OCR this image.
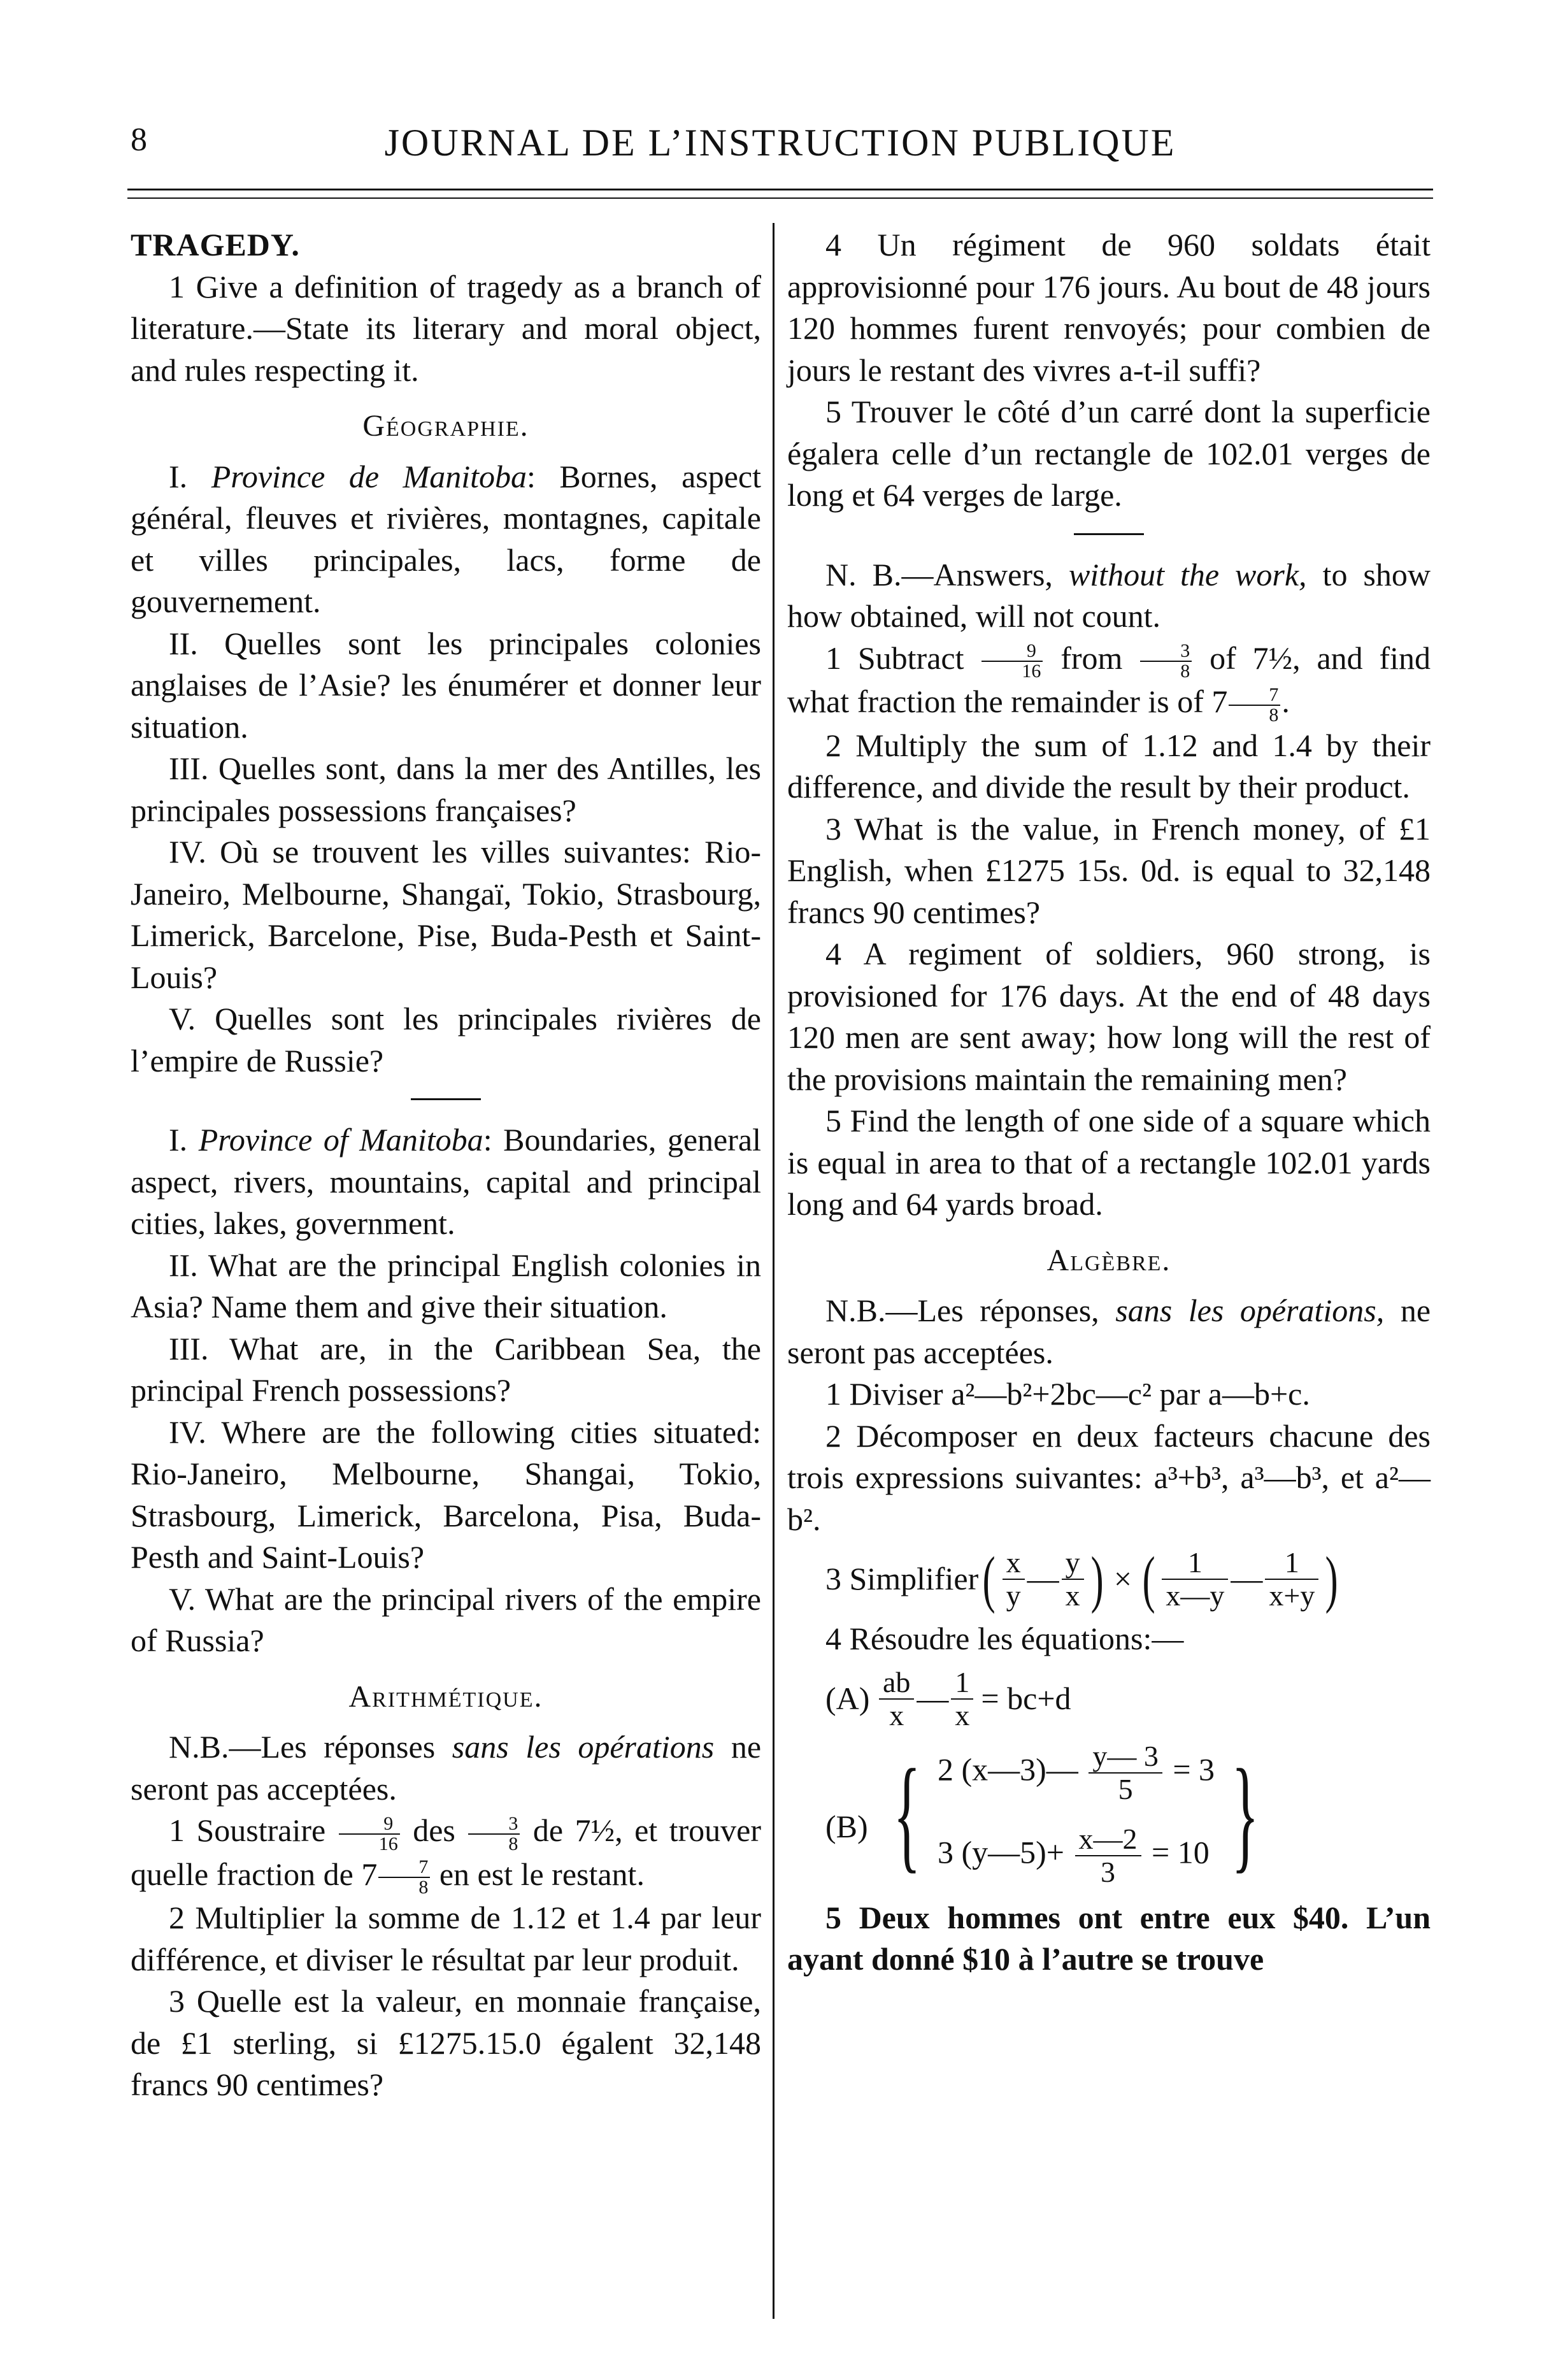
8	JOURNAL DE L’INSTRUCTION PUBLIQUE

TRAGEDY.

1 Give a definition of tragedy as a branch of literature.—State its literary and moral object, and rules respecting it.

Géographie.

I. Province de Manitoba: Bornes, aspect général, fleuves et rivières, montagnes, capitale et villes principales, lacs, forme de gouvernement.

II. Quelles sont les principales colonies anglaises de l’Asie? les énumérer et donner leur situation.

III. Quelles sont, dans la mer des Antilles, les principales possessions françaises?

IV. Où se trouvent les villes suivantes: Rio-Janeiro, Melbourne, Shangaï, Tokio, Strasbourg, Limerick, Barcelone, Pise, Buda-Pesth et Saint-Louis?

V. Quelles sont les principales rivières de l’empire de Russie?

I. Province of Manitoba: Boundaries, general aspect, rivers, mountains, capital and principal cities, lakes, government.

II. What are the principal English colonies in Asia? Name them and give their situation.

III. What are, in the Caribbean Sea, the principal French possessions?

IV. Where are the following cities situated: Rio-Janeiro, Melbourne, Shangai, Tokio, Strasbourg, Limerick, Barcelona, Pisa, Buda-Pesth and Saint-Louis?

V. What are the principal rivers of the empire of Russia?

Arithmétique.

N.B.—Les réponses sans les opérations ne seront pas acceptées.

1 Soustraire $\frac{9}{16}$ des $\frac{3}{8}$ de 7½, et trouver quelle fraction de $7 \frac{7}{8}$ en est le restant.

2 Multiplier la somme de 1.12 et 1.4 par leur différence, et diviser le résultat par leur produit.

3 Quelle est la valeur, en monnaie française, de £1 sterling, si £1275.15.0 égalent 32,148 francs 90 centimes?

4 Un régiment de 960 soldats était approvisionné pour 176 jours. Au bout de 48 jours 120 hommes furent renvoyés; pour combien de jours le restant des vivres a-t-il suffi?

5 Trouver le côté d’un carré dont la superficie égalera celle d’un rectangle de 102.01 verges de long et 64 verges de large.

N. B.—Answers, without the work, to show how obtained, will not count.

1 Subtract $\frac{9}{16}$ from $\frac{3}{8}$ of 7½, and find what fraction the remainder is of $7 \frac{7}{8}$ .

2 Multiply the sum of 1.12 and 1.4 by their difference, and divide the result by their product.

3 What is the value, in French money, of £1 English, when £1275 15s. 0d. is equal to 32,148 francs 90 centimes?

4 A regiment of soldiers, 960 strong, is provisioned for 176 days. At the end of 48 days 120 men are sent away; how long will the rest of the provisions maintain the remaining men?

5 Find the length of one side of a square which is equal in area to that of a rectangle 102.01 yards long and 64 yards broad.

Algèbre.

N.B.—Les réponses, sans les opérations, ne seront pas acceptées.

1 Diviser a²—b²+2bc—c² par a—b+c.

2 Décomposer en deux facteurs chacune des trois expressions suivantes: a³+b³, a³—b³, et a²—b².

3 Simplifier ( $\frac{x}{y}$ — $\frac{y}{x}$ ) × ( $\frac{1}{x—y}$ — $\frac{1}{x+y}$ )

4 Résoudre les équations:—

$(A) \frac{ab}{x}$ — $\frac{1}{x} = bc+d$
(B) { 2 (x—3)— $\frac{y— 3}{5} = 3$
3 (y—5)+ $\frac{x—2}{3} = 10$ }

5 Deux hommes ont entre eux $40. L’un ayant donné $10 à l’autre se trouve
